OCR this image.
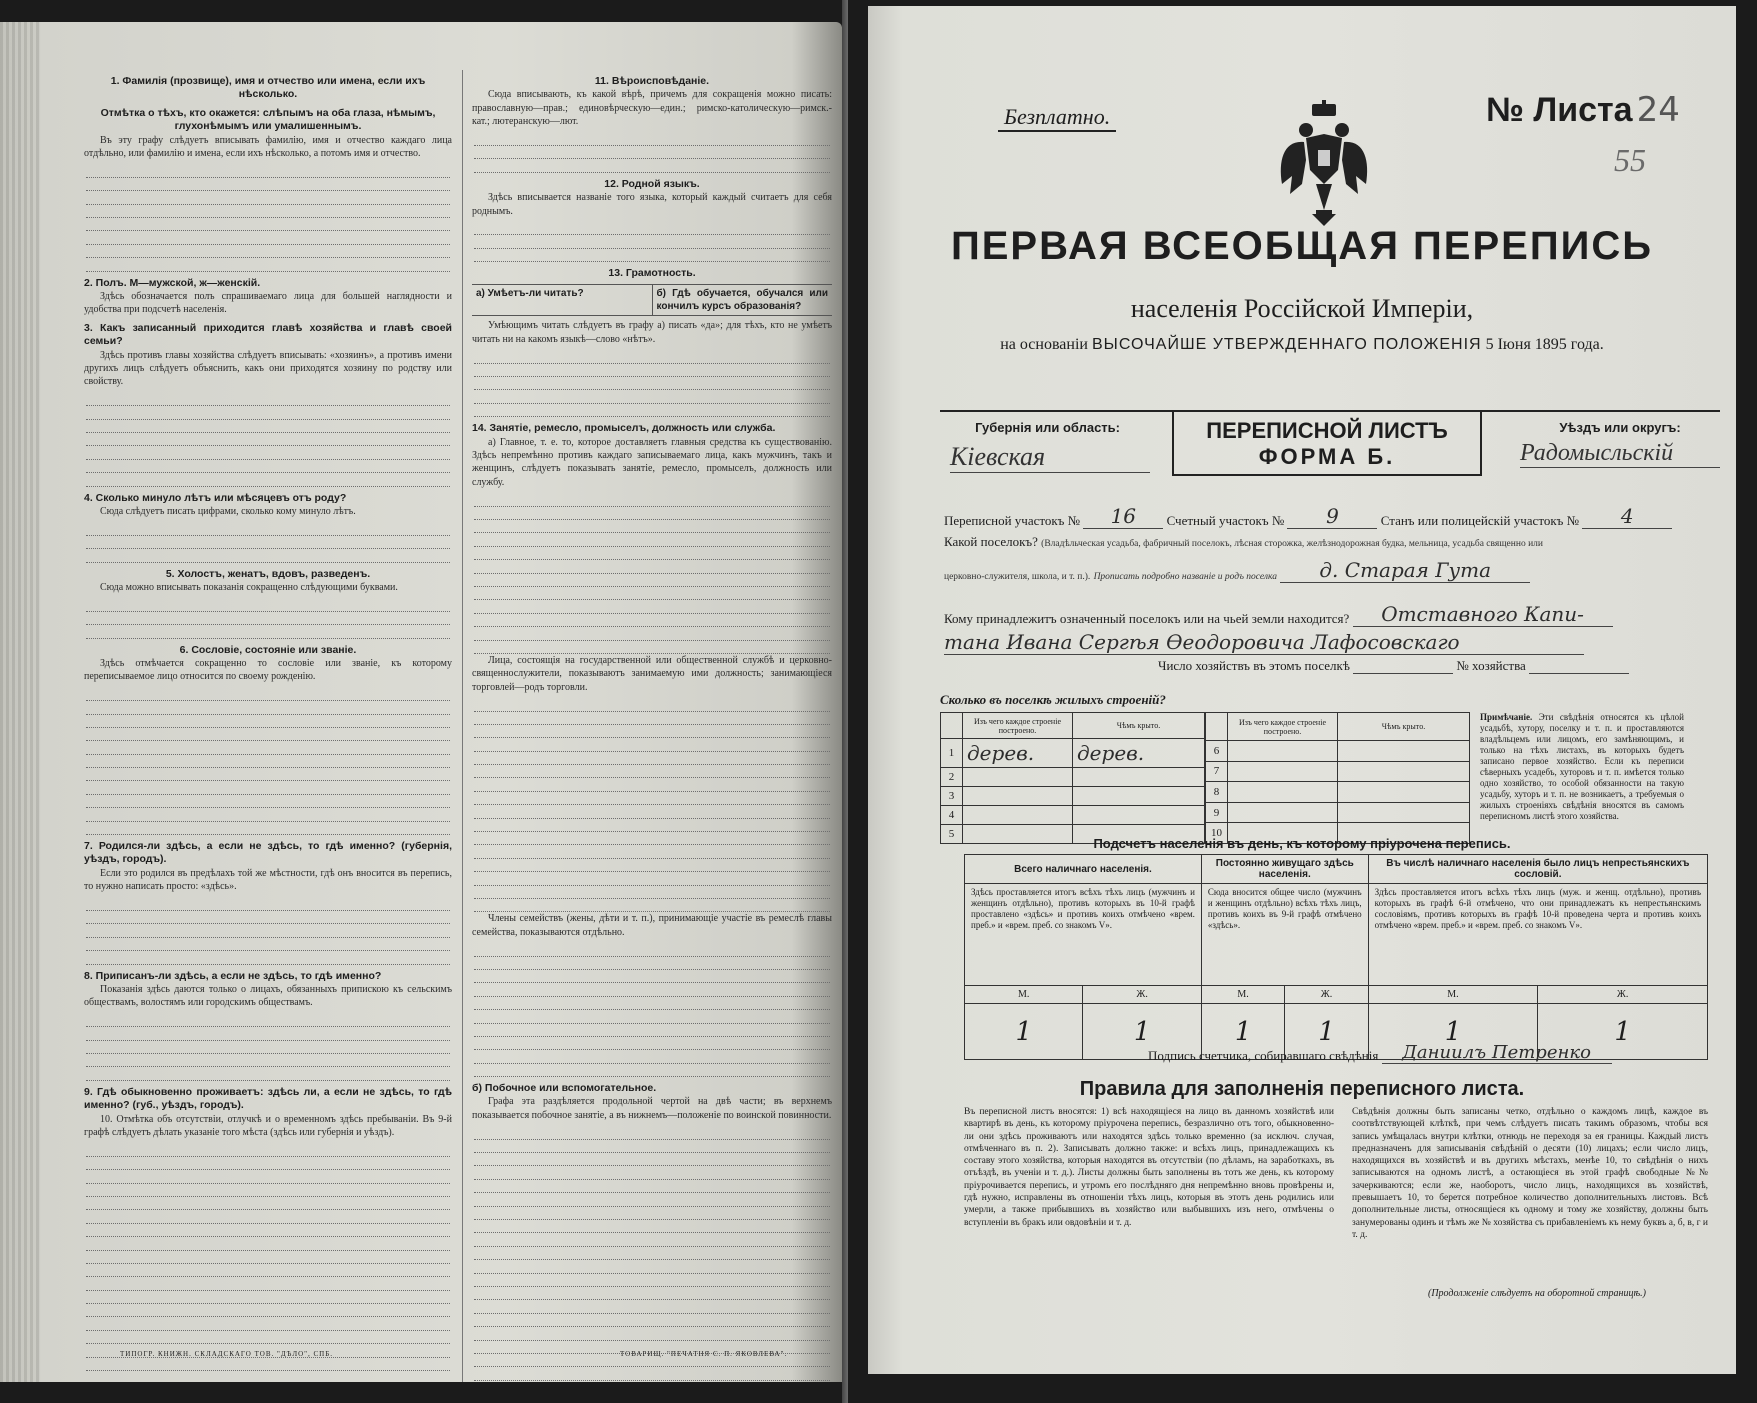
1. Фамилія (прозвище), имя и отчество или имена, если ихъ нѣсколько.
Отмѣтка о тѣхъ, кто окажется: слѣпымъ на оба глаза, нѣмымъ, глухонѣмымъ или умалишеннымъ.
Въ эту графу слѣдуетъ вписывать фамилію, имя и отчество каждаго лица отдѣльно, или фамилію и имена, если ихъ нѣсколько, а потомъ имя и отчество.
2. Полъ. М—мужской, ж—женскій.
Здѣсь обозначается полъ спрашиваемаго лица для большей наглядности и удобства при подсчетѣ населенія.
3. Какъ записанный приходится главѣ хозяйства и главѣ своей семьи?
Здѣсь противъ главы хозяйства слѣдуетъ вписывать: «хозяинъ», а противъ имени другихъ лицъ слѣдуетъ объяснить, какъ они приходятся хозяину по родству или свойству.
4. Сколько минуло лѣтъ или мѣсяцевъ отъ роду?
Сюда слѣдуетъ писать цифрами, сколько кому минуло лѣтъ.
5. Холостъ, женатъ, вдовъ, разведенъ.
Сюда можно вписывать показанія сокращенно слѣдующими буквами.
6. Сословіе, состояніе или званіе.
Здѣсь отмѣчается сокращенно то сословіе или званіе, къ которому переписываемое лицо относится по своему рожденію.
7. Родился-ли здѣсь, а если не здѣсь, то гдѣ именно? (губернія, уѣздъ, городъ).
Если это родился въ предѣлахъ той же мѣстности, гдѣ онъ вносится въ перепись, то нужно написать просто: «здѣсь».
8. Приписанъ-ли здѣсь, а если не здѣсь, то гдѣ именно?
Показанія здѣсь даются только о лицахъ, обязанныхъ припискою къ сельскимъ обществамъ, волостямъ или городскимъ обществамъ.
9. Гдѣ обыкновенно проживаетъ: здѣсь ли, а если не здѣсь, то гдѣ именно? (губ., уѣздъ, городъ).
10. Отмѣтка объ отсутствіи, отлучкѣ и о временномъ здѣсь пребываніи. Въ 9-й графѣ слѣдуетъ дѣлать указаніе того мѣста (здѣсь или губернія и уѣздъ).
11. Вѣроисповѣданіе.
Сюда вписывають, къ какой вѣрѣ, причемъ для сокращенія можно писать: православную—прав.; единовѣрческую—един.; римско-католическую—римск.-кат.; лютеранскую—лют.
12. Родной языкъ.
Здѣсь вписывается названіе того языка, который каждый считаетъ для себя роднымъ.
13. Грамотность.
а) Умѣетъ-ли читать?	б) Гдѣ обучается, обучался или кончилъ курсъ образованія?
Умѣющимъ читать слѣдуетъ въ графу а) писать «да»; для тѣхъ, кто не умѣетъ читать ни на какомъ языкѣ—слово «нѣтъ».
14. Занятіе, ремесло, промыселъ, должность или служба.
а) Главное, т. е. то, которое доставляетъ главныя средства къ существованію. Здѣсь непремѣнно противъ каждаго записываемаго лица, какъ мужчинъ, такъ и женщинъ, слѣдуетъ показывать занятіе, ремесло, промыселъ, должность или службу.
Лица, состоящія на государственной или общественной службѣ и церковно-священнослужители, показываютъ занимаемую ими должность; занимающіеся торговлей—родъ торговли.
Члены семействъ (жены, дѣти и т. п.), принимающіе участіе въ ремеслѣ главы семейства, показываются отдѣльно.
б) Побочное или вспомогательное.
Графа эта раздѣляется продольной чертой на двѣ части; въ верхнемъ показывается побочное занятіе, а въ нижнемъ—положеніе по воинской повинности.
ТИПОГР. КНИЖН. СКЛАДСКАГО ТОВ. "ДѢЛО", СПБ.	ТОВАРИЩ. "ПЕЧАТНЯ С. П. ЯКОВЛЕВА".
Безплатно.	№ Листа 24
55
ПЕРВАЯ ВСЕОБЩАЯ ПЕРЕПИСЬ
населенія Россійской Имперіи,
на основаніи ВЫСОЧАЙШЕ УТВЕРЖДЕННАГО ПОЛОЖЕНІЯ 5 Іюня 1895 года.
Губернія или область:
Кіевская
ПЕРЕПИСНОЙ ЛИСТЪ
ФОРМА Б.
Уѣздъ или округъ:
Радомысльскій
Переписной участокъ № 16 Счетный участокъ № 9	Станъ или полицейскій участокъ № 4
Какой поселокъ? (Владѣльческая усадьба, фабричный поселокъ, лѣсная сторожка, желѣзнодорожная будка, мельница, усадьба священно или
церковно-служителя, школа, и т. п.). Прописать подробно названіе и родъ поселка д. Старая Гута
Кому принадлежитъ означенный поселокъ или на чьей земли находится? Отставного Капи-
тана Ивана Сергѣя Өеодоровича Лафосовскаго
Число хозяйствъ въ этомъ поселкѣ	№ хозяйства
Сколько въ поселкѣ жилыхъ строеній?
	Изъ чего каждое строеніе построено.	Чѣмъ крыто.
1	дерев.	дерев.
2		
3		
4		
5		
	Изъ чего каждое строеніе построено.	Чѣмъ крыто.
6		
7		
8		
9		
10		
Примѣчаніе. Эти свѣдѣнія относятся къ цѣлой усадьбѣ, хутору, поселку и т. п. и проставляются владѣльцемъ или лицомъ, его замѣняющимъ, и только на тѣхъ листахъ, въ которыхъ будетъ записано первое хозяйство. Если къ переписи сѣверныхъ усадебъ, хуторовъ и т. п. имѣется только одно хозяйство, то особой обязанности на такую усадьбу, хуторъ и т. п. не возникаетъ, а требуемыя о жилыхъ строеніяхъ свѣдѣнія вносятся въ самомъ переписномъ листѣ этого хозяйства.
Подсчетъ населенія въ день, къ которому пріурочена перепись.
Всего наличнаго населенія.		Постоянно живущаго здѣсь населенія.		Въ числѣ наличнаго населенія было лицъ непрестьянскихъ сословій.	
Здѣсь проставляется итогъ всѣхъ тѣхъ лицъ (мужчинъ и женщинъ отдѣльно), противъ которыхъ въ 10-й графѣ проставлено «здѣсь» и противъ коихъ отмѣчено «врем. преб.» и «врем. преб. со знакомъ V».		Сюда вносится общее число (мужчинъ и женщинъ отдѣльно) всѣхъ тѣхъ лицъ, противъ коихъ въ 9-й графѣ отмѣчено «здѣсь».		Здѣсь проставляется итогъ всѣхъ тѣхъ лицъ (муж. и женщ. отдѣльно), противъ которыхъ въ графѣ 6-й отмѣчено, что они принадлежатъ къ непрестьянскимъ сословіямъ, противъ которыхъ въ графѣ 10-й проведена черта и противъ коихъ отмѣчено «врем. преб.» и «врем. преб. со знакомъ V».	
М.	Ж.	М.	Ж.	М.	Ж.
1	1	1	1	1	1
Подпись счетчика, собиравшаго свѣдѣнія Даниилъ Петренко
Правила для заполненія переписного листа.
Въ переписной листъ вносятся: 1) всѣ находящіеся на лицо въ данномъ хозяйствѣ или квартирѣ въ день, къ которому пріурочена перепись, безразлично отъ того, обыкновенно-ли они здѣсь проживаютъ или находятся здѣсь только временно (за исключ. случая, отмѣченнаго въ п. 2). Записывать должно также: и всѣхъ лицъ, принадлежащихъ къ составу этого хозяйства, которыя находятся въ отсутствіи (по дѣламъ, на заработкахъ, въ отъѣздѣ, въ ученіи и т. д.). Листы должны быть заполнены въ тотъ же день, къ которому пріурочивается перепись, и утромъ его послѣдняго дня непремѣнно вновь провѣрены и, гдѣ нужно, исправлены въ отношеніи тѣхъ лицъ, которыя въ этотъ день родились или умерли, а также прибывшихъ въ хозяйство или выбывшихъ изъ него, отмѣчены о вступленіи въ бракъ или овдовѣніи и т. д.
Свѣдѣнія должны быть записаны четко, отдѣльно о каждомъ лицѣ, каждое въ соотвѣтствующей клѣткѣ, при чемъ слѣдуетъ писать такимъ образомъ, чтобы вся запись умѣщалась внутри клѣтки, отнюдь не переходя за ея границы. Каждый листъ предназначенъ для записыванія свѣдѣній о десяти (10) лицахъ; если число лицъ, находящихся въ хозяйствѣ и въ другихъ мѣстахъ, менѣе 10, то свѣдѣнія о нихъ записываются на одномъ листѣ, а остающіеся въ этой графѣ свободные №№ зачеркиваются; если же, наоборотъ, число лицъ, находящихся въ хозяйствѣ, превышаетъ 10, то берется потребное количество дополнительныхъ листовъ. Всѣ дополнительные листы, относящіеся къ одному и тому же хозяйству, должны быть занумерованы одинъ и тѣмъ же № хозяйства съ прибавленіемъ къ нему буквъ а, б, в, г и т. д.
(Продолженіе слѣдуетъ на оборотной страницѣ.)
